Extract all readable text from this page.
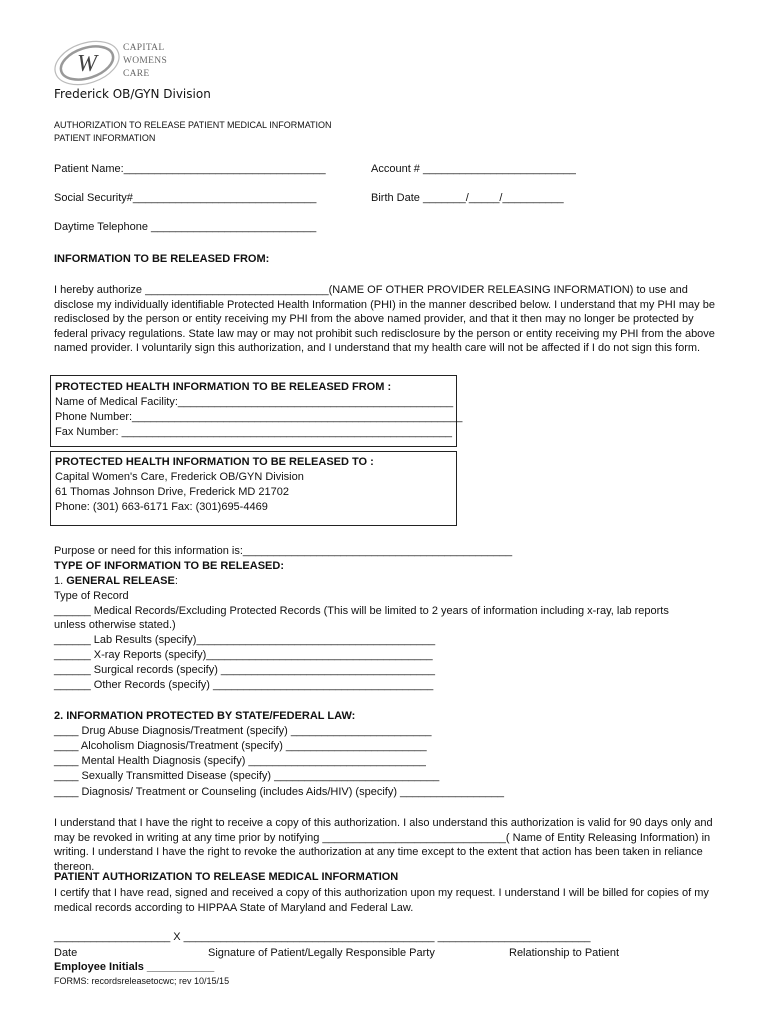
W
CAPITAL
WOMENS
CARE
Frederick OB/GYN Division
AUTHORIZATION TO RELEASE PATIENT MEDICAL INFORMATION
PATIENT INFORMATION
Patient Name:_________________________________	Account # _________________________
Social Security#______________________________	Birth Date _______/_____/__________
Daytime Telephone ___________________________
INFORMATION TO BE RELEASED FROM:
I hereby authorize ______________________________(NAME OF OTHER PROVIDER RELEASING INFORMATION) to use and disclose my individually identifiable Protected Health Information (PHI) in the manner described below. I understand that my PHI may be redisclosed by the person or entity receiving my PHI from the above named provider, and that it then may no longer be protected by federal privacy regulations. State law may or may not prohibit such redisclosure by the person or entity receiving my PHI from the above named provider. I voluntarily sign this authorization, and I understand that my health care will not be affected if I do not sign this form.
PROTECTED HEALTH INFORMATION TO BE RELEASED FROM :
Name of Medical Facility:_____________________________________________
Phone Number:______________________________________________________
Fax Number: ______________________________________________________
PROTECTED HEALTH INFORMATION TO BE RELEASED TO :
Capital Women's Care, Frederick OB/GYN Division
61 Thomas Johnson Drive, Frederick MD 21702
Phone: (301) 663-6171 Fax: (301)695-4469
Purpose or need for this information is:____________________________________________
TYPE OF INFORMATION TO BE RELEASED:
1. GENERAL RELEASE:
Type of Record
______ Medical Records/Excluding Protected Records (This will be limited to 2 years of information including x-ray, lab reports
unless otherwise stated.)
______ Lab Results (specify)_______________________________________
______ X-ray Reports (specify)_____________________________________
______ Surgical records (specify) ___________________________________
______ Other Records (specify) ____________________________________
2. INFORMATION PROTECTED BY STATE/FEDERAL LAW:
____ Drug Abuse Diagnosis/Treatment (specify) _______________________
____ Alcoholism Diagnosis/Treatment (specify) _______________________
____ Mental Health Diagnosis (specify) _____________________________
____ Sexually Transmitted Disease (specify) ___________________________
____ Diagnosis/ Treatment or Counseling (includes Aids/HIV) (specify) _________________
I understand that I have the right to receive a copy of this authorization. I also understand this authorization is valid for 90 days only and may be revoked in writing at any time prior by notifying ______________________________( Name of Entity Releasing Information) in writing. I understand I have the right to revoke the authorization at any time except to the extent that action has been taken in reliance thereon.
PATIENT AUTHORIZATION TO RELEASE MEDICAL INFORMATION
I certify that I have read, signed and received a copy of this authorization upon my request. I understand I will be billed for copies of my medical records according to HIPPAA State of Maryland and Federal Law.
___________________ X _________________________________________ _________________________
Date	Signature of Patient/Legally Responsible Party	Relationship to Patient
Employee Initials ___________
FORMS: recordsreleasetocwc; rev 10/15/15
